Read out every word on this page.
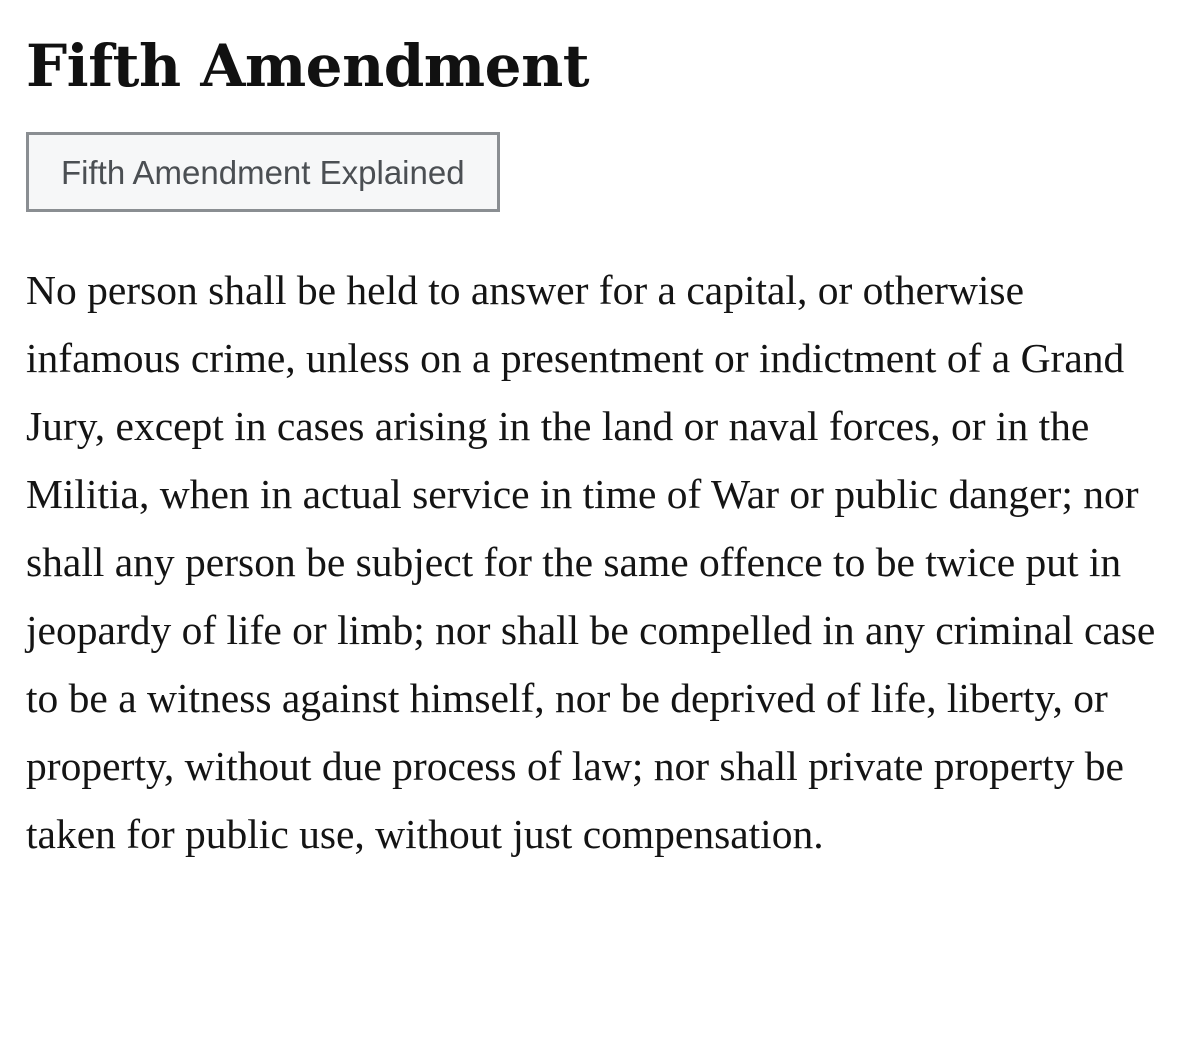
Fifth Amendment
Fifth Amendment Explained

No person shall be held to answer for a capital, or otherwise infamous crime, unless on a presentment or indictment of a Grand Jury, except in cases arising in the land or naval forces, or in the Militia, when in actual service in time of War or public danger; nor shall any person be subject for the same offence to be twice put in jeopardy of life or limb; nor shall be compelled in any criminal case to be a witness against himself, nor be deprived of life, liberty, or property, without due process of law; nor shall private property be taken for public use, without just compensation.
